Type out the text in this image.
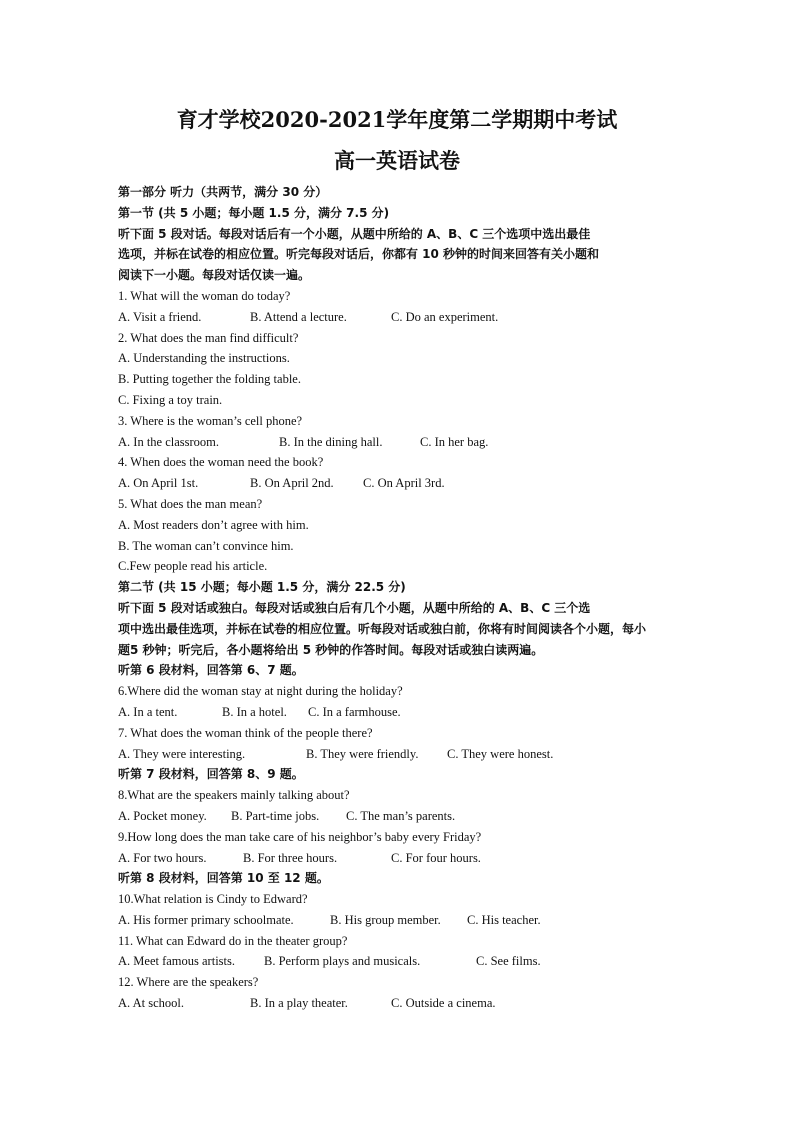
育才学校2020-2021学年度第二学期期中考试
高一英语试卷
第一部分 听力（共两节，满分 30 分）
第一节 (共 5 小题；每小题 1.5 分，满分 7.5 分)
听下面 5 段对话。每段对话后有一个小题，从题中所给的 A、B、C 三个选项中选出最佳
选项，并标在试卷的相应位置。听完每段对话后，你都有 10 秒钟的时间来回答有关小题和
阅读下一小题。每段对话仅读一遍。
1. What will the woman do today?
A. Visit a friend.	B. Attend a lecture.	C. Do an experiment.
2. What does the man find difficult?
A. Understanding the instructions.
B. Putting together the folding table.
C. Fixing a toy train.
3. Where is the woman’s cell phone?
A. In the classroom.	B. In the dining hall.	C. In her bag.
4. When does the woman need the book?
A. On April 1st.	B. On April 2nd. C. On April 3rd.
5. What does the man mean?
A. Most readers don’t agree with him.
B. The woman can’t convince him.
C.Few people read his article.
第二节 (共 15 小题；每小题 1.5 分，满分 22.5 分)
听下面 5 段对话或独白。每段对话或独白后有几个小题，从题中所给的 A、B、C 三个选
项中选出最佳选项，并标在试卷的相应位置。听每段对话或独白前，你将有时间阅读各个小题，每小
题5 秒钟；听完后，各小题将给出 5 秒钟的作答时间。每段对话或独白读两遍。
听第 6 段材料，回答第 6、7 题。
6.Where did the woman stay at night during the holiday?
A. In a tent.	B. In a hotel. C. In a farmhouse.
7. What does the woman think of the people there?
A. They were interesting.	B. They were friendly. C. They were honest.
听第 7 段材料，回答第 8、9 题。
8.What are the speakers mainly talking about?
A. Pocket money. B. Part-time jobs. C. The man’s parents.
9.How long does the man take care of his neighbor’s baby every Friday?
A. For two hours.	B. For three hours.	C. For four hours.
听第 8 段材料，回答第 10 至 12 题。
10.What relation is Cindy to Edward?
A. His former primary schoolmate.	B. His group member. C. His teacher.
11. What can Edward do in the theater group?
A. Meet famous artists. B. Perform plays and musicals.	C. See films.
12. Where are the speakers?
A. At school.	B. In a play theater.	C. Outside a cinema.
